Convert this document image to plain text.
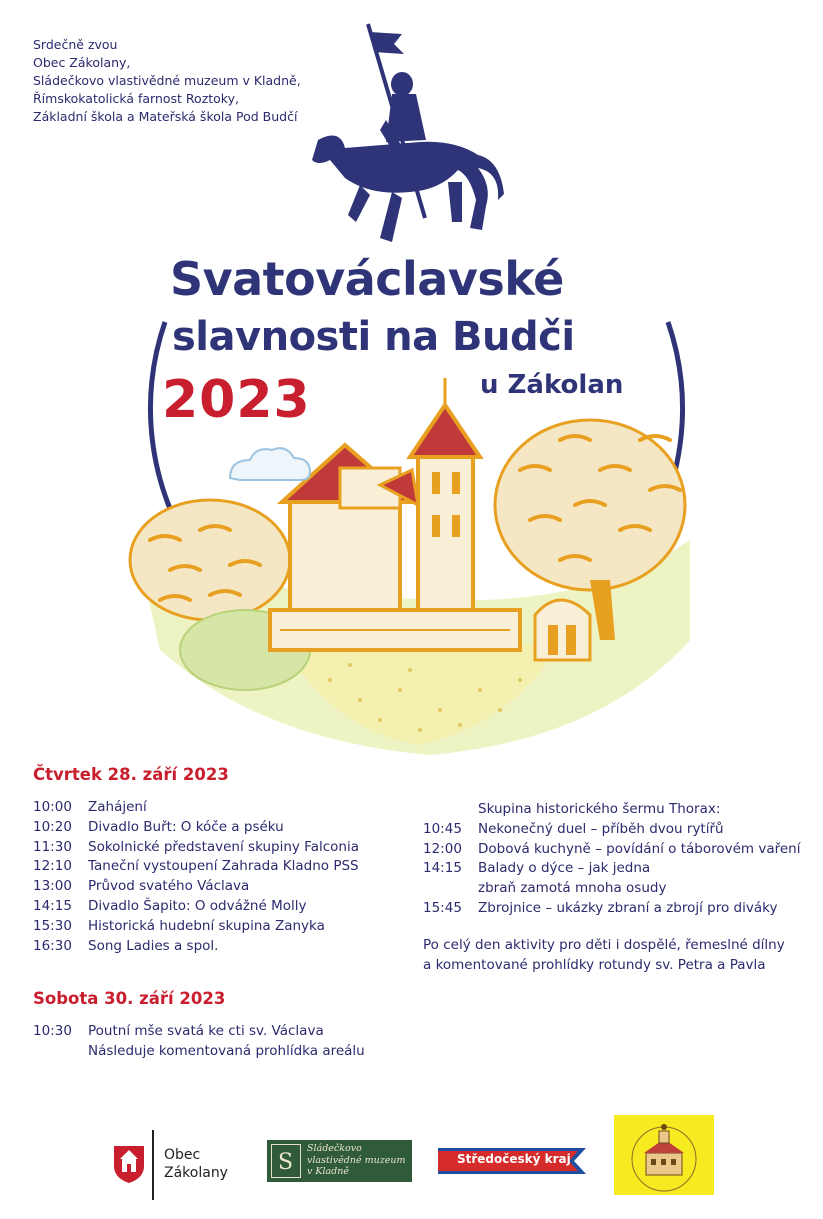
Srdečně zvou
Obec Zákolany,
Sládečkovo vlastivědné muzeum v Kladně,
Římskokatolická farnost Roztoky,
Základní škola a Mateřská škola Pod Budčí
Svatováclavské
slavnosti na Budči
2023	u Zákolan
Čtvrtek 28. září 2023
10:00	Zahájení
10:20	Divadlo Buřt: O kóče a pséku
11:30	Sokolnické představení skupiny Falconia
12:10	Taneční vystoupení Zahrada Kladno PSS
13:00	Průvod svatého Václava
14:15	Divadlo Šapito: O odvážné Molly
15:30	Historická hudební skupina Zanyka
16:30	Song Ladies a spol.
Skupina historického šermu Thorax:
10:45	Nekonečný duel – příběh dvou rytířů
12:00	Dobová kuchyně – povídání o táborovém vaření
14:15	Balady o dýce – jak jedna
zbraň zamotá mnoha osudy
15:45	Zbrojnice – ukázky zbraní a zbrojí pro diváky
Po celý den aktivity pro děti i dospělé, řemeslné dílny
a komentované prohlídky rotundy sv. Petra a Pavla
Sobota 30. září 2023
10:30	Poutní mše svatá ke cti sv. Václava
Následuje komentovaná prohlídka areálu
Obec
Zákolany S
Sládečkovo
vlastivědné muzeum
v Kladně
Středočeský kraj
